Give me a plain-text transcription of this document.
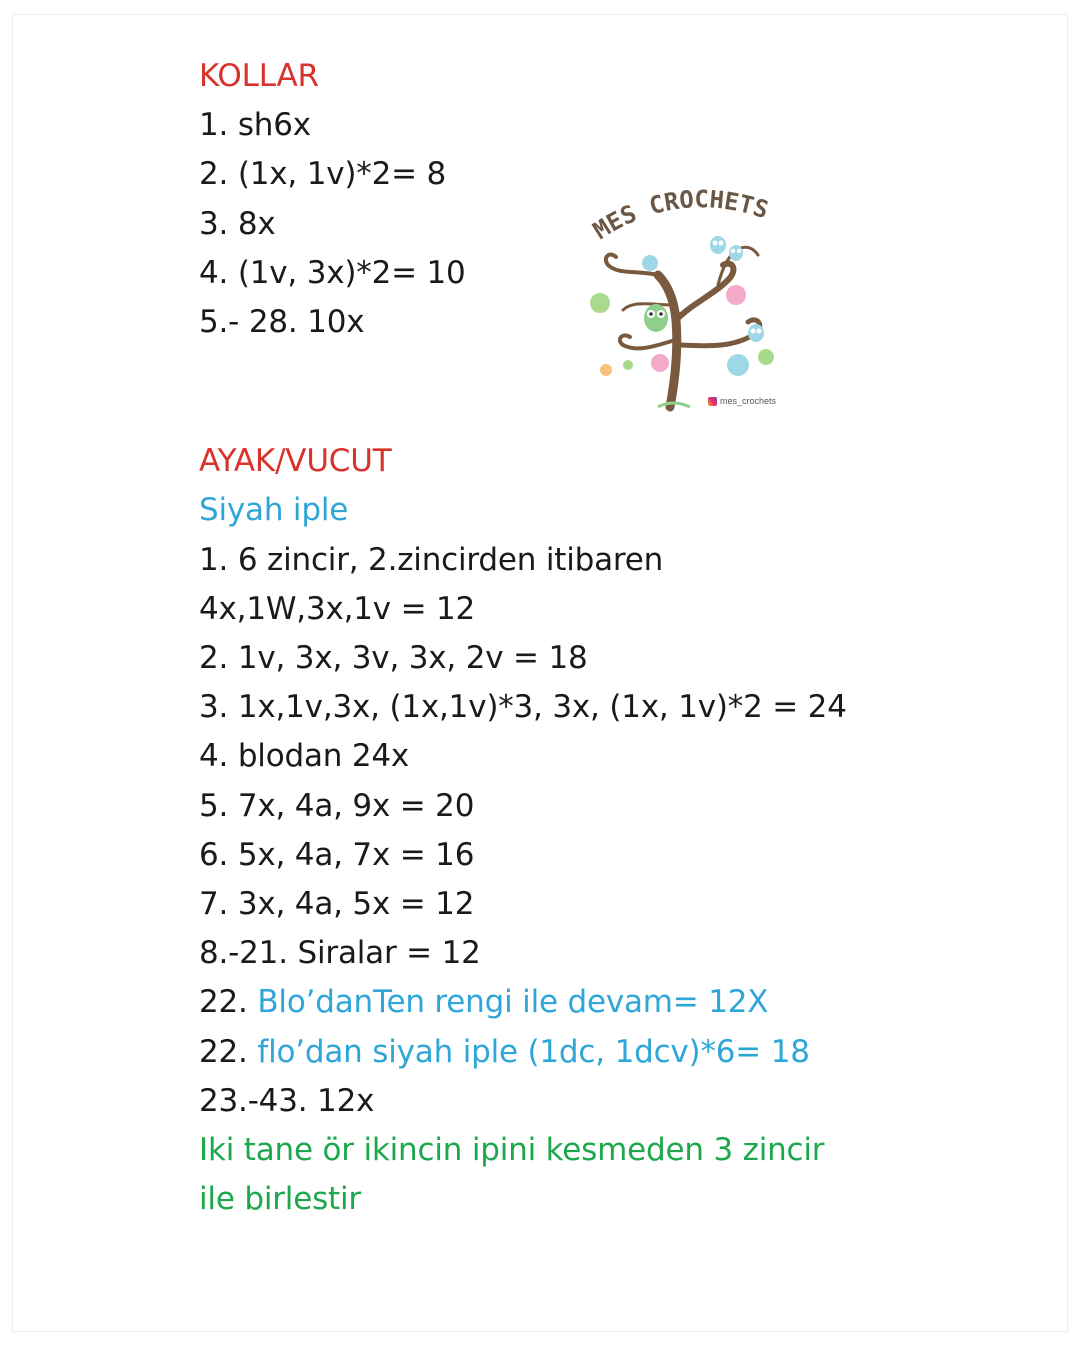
KOLLAR
1. sh6x
2. (1x, 1v)*2= 8
3. 8x
4. (1v, 3x)*2= 10
5.- 28. 10x
AYAK/VUCUT
Siyah iple
1. 6 zincir, 2.zincirden itibaren
4x,1W,3x,1v = 12
2. 1v, 3x, 3v, 3x, 2v = 18
3. 1x,1v,3x, (1x,1v)*3, 3x, (1x, 1v)*2 = 24
4. blodan 24x
5. 7x, 4a, 9x = 20
6. 5x, 4a, 7x = 16
7. 3x, 4a, 5x = 12
8.-21. Siralar = 12
22. Blo’danTen rengi ile devam= 12X
22. flo’dan siyah iple (1dc, 1dcv)*6= 18
23.-43. 12x
Iki tane ör ikincin ipini kesmeden 3 zincir
ile birlestir
MES CROCHETS
mes_crochets
